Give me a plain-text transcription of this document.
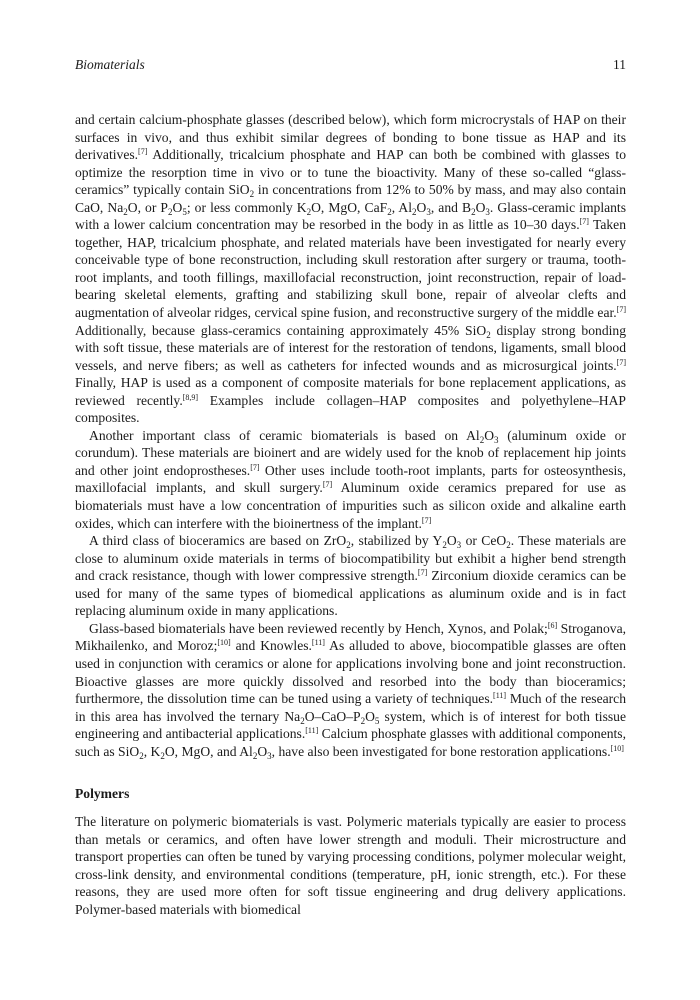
Biomaterials	11

and certain calcium-phosphate glasses (described below), which form microcrystals of HAP on their surfaces in vivo, and thus exhibit similar degrees of bonding to bone tissue as HAP and its derivatives.[7] Additionally, tricalcium phosphate and HAP can both be combined with glasses to optimize the resorption time in vivo or to tune the bioactivity. Many of these so-called “glass-ceramics” typically contain SiO$_2$ in concentrations from 12% to 50% by mass, and may also contain CaO, $Na_2O$, or $P_2O_5$; or less commonly $K_2O$, MgO, CaF$_2$, $Al_2O_3$, and $B_2O_3$. Glass-ceramic implants with a lower calcium concentration may be resorbed in the body in as little as 10–30 days.[7] Taken together, HAP, tricalcium phosphate, and related materials have been investigated for nearly every conceivable type of bone reconstruction, including skull restoration after surgery or trauma, tooth-root implants, and tooth fillings, maxillofacial reconstruction, joint reconstruction, repair of load-bearing skeletal elements, grafting and stabilizing skull bone, repair of alveolar clefts and augmentation of alveolar ridges, cervical spine fusion, and reconstructive surgery of the middle ear.[7] Additionally, because glass-ceramics containing approximately 45% SiO$_2$ display strong bonding with soft tissue, these materials are of interest for the restoration of tendons, ligaments, small blood vessels, and nerve fibers; as well as catheters for infected wounds and as microsurgical joints.[7] Finally, HAP is used as a component of composite materials for bone replacement applications, as reviewed recently.[8,9] Examples include collagen–HAP composites and polyethylene–HAP composites.

Another important class of ceramic biomaterials is based on $Al_2O_3$ (aluminum oxide or corundum). These materials are bioinert and are widely used for the knob of replacement hip joints and other joint endoprostheses.[7] Other uses include tooth-root implants, parts for osteosynthesis, maxillofacial implants, and skull surgery.[7] Aluminum oxide ceramics prepared for use as biomaterials must have a low concentration of impurities such as silicon oxide and alkaline earth oxides, which can interfere with the bioinertness of the implant.[7]

A third class of bioceramics are based on ZrO$_2$, stabilized by $Y_2O_3$ or CeO$_2$. These materials are close to aluminum oxide materials in terms of biocompatibility but exhibit a higher bend strength and crack resistance, though with lower compressive strength.[7] Zirconium dioxide ceramics can be used for many of the same types of biomedical applications as aluminum oxide and is in fact replacing aluminum oxide in many applications.

Glass-based biomaterials have been reviewed recently by Hench, Xynos, and Polak;[6] Stroganova, Mikhailenko, and Moroz;[10] and Knowles.[11] As alluded to above, biocompatible glasses are often used in conjunction with ceramics or alone for applications involving bone and joint reconstruction. Bioactive glasses are more quickly dissolved and resorbed into the body than bioceramics; furthermore, the dissolution time can be tuned using a variety of techniques.[11] Much of the research in this area has involved the ternary $Na_2O-CaO-P_2O_5$ system, which is of interest for both tissue engineering and antibacterial applications.[11] Calcium phosphate glasses with additional components, such as SiO$_2$, $K_2O$, MgO, and $Al_2O_3$, have also been investigated for bone restoration applications.[10]

Polymers

The literature on polymeric biomaterials is vast. Polymeric materials typically are easier to process than metals or ceramics, and often have lower strength and moduli. Their microstructure and transport properties can often be tuned by varying processing conditions, polymer molecular weight, cross-link density, and environmental conditions (temperature, pH, ionic strength, etc.). For these reasons, they are used more often for soft tissue engineering and drug delivery applications. Polymer-based materials with biomedical
